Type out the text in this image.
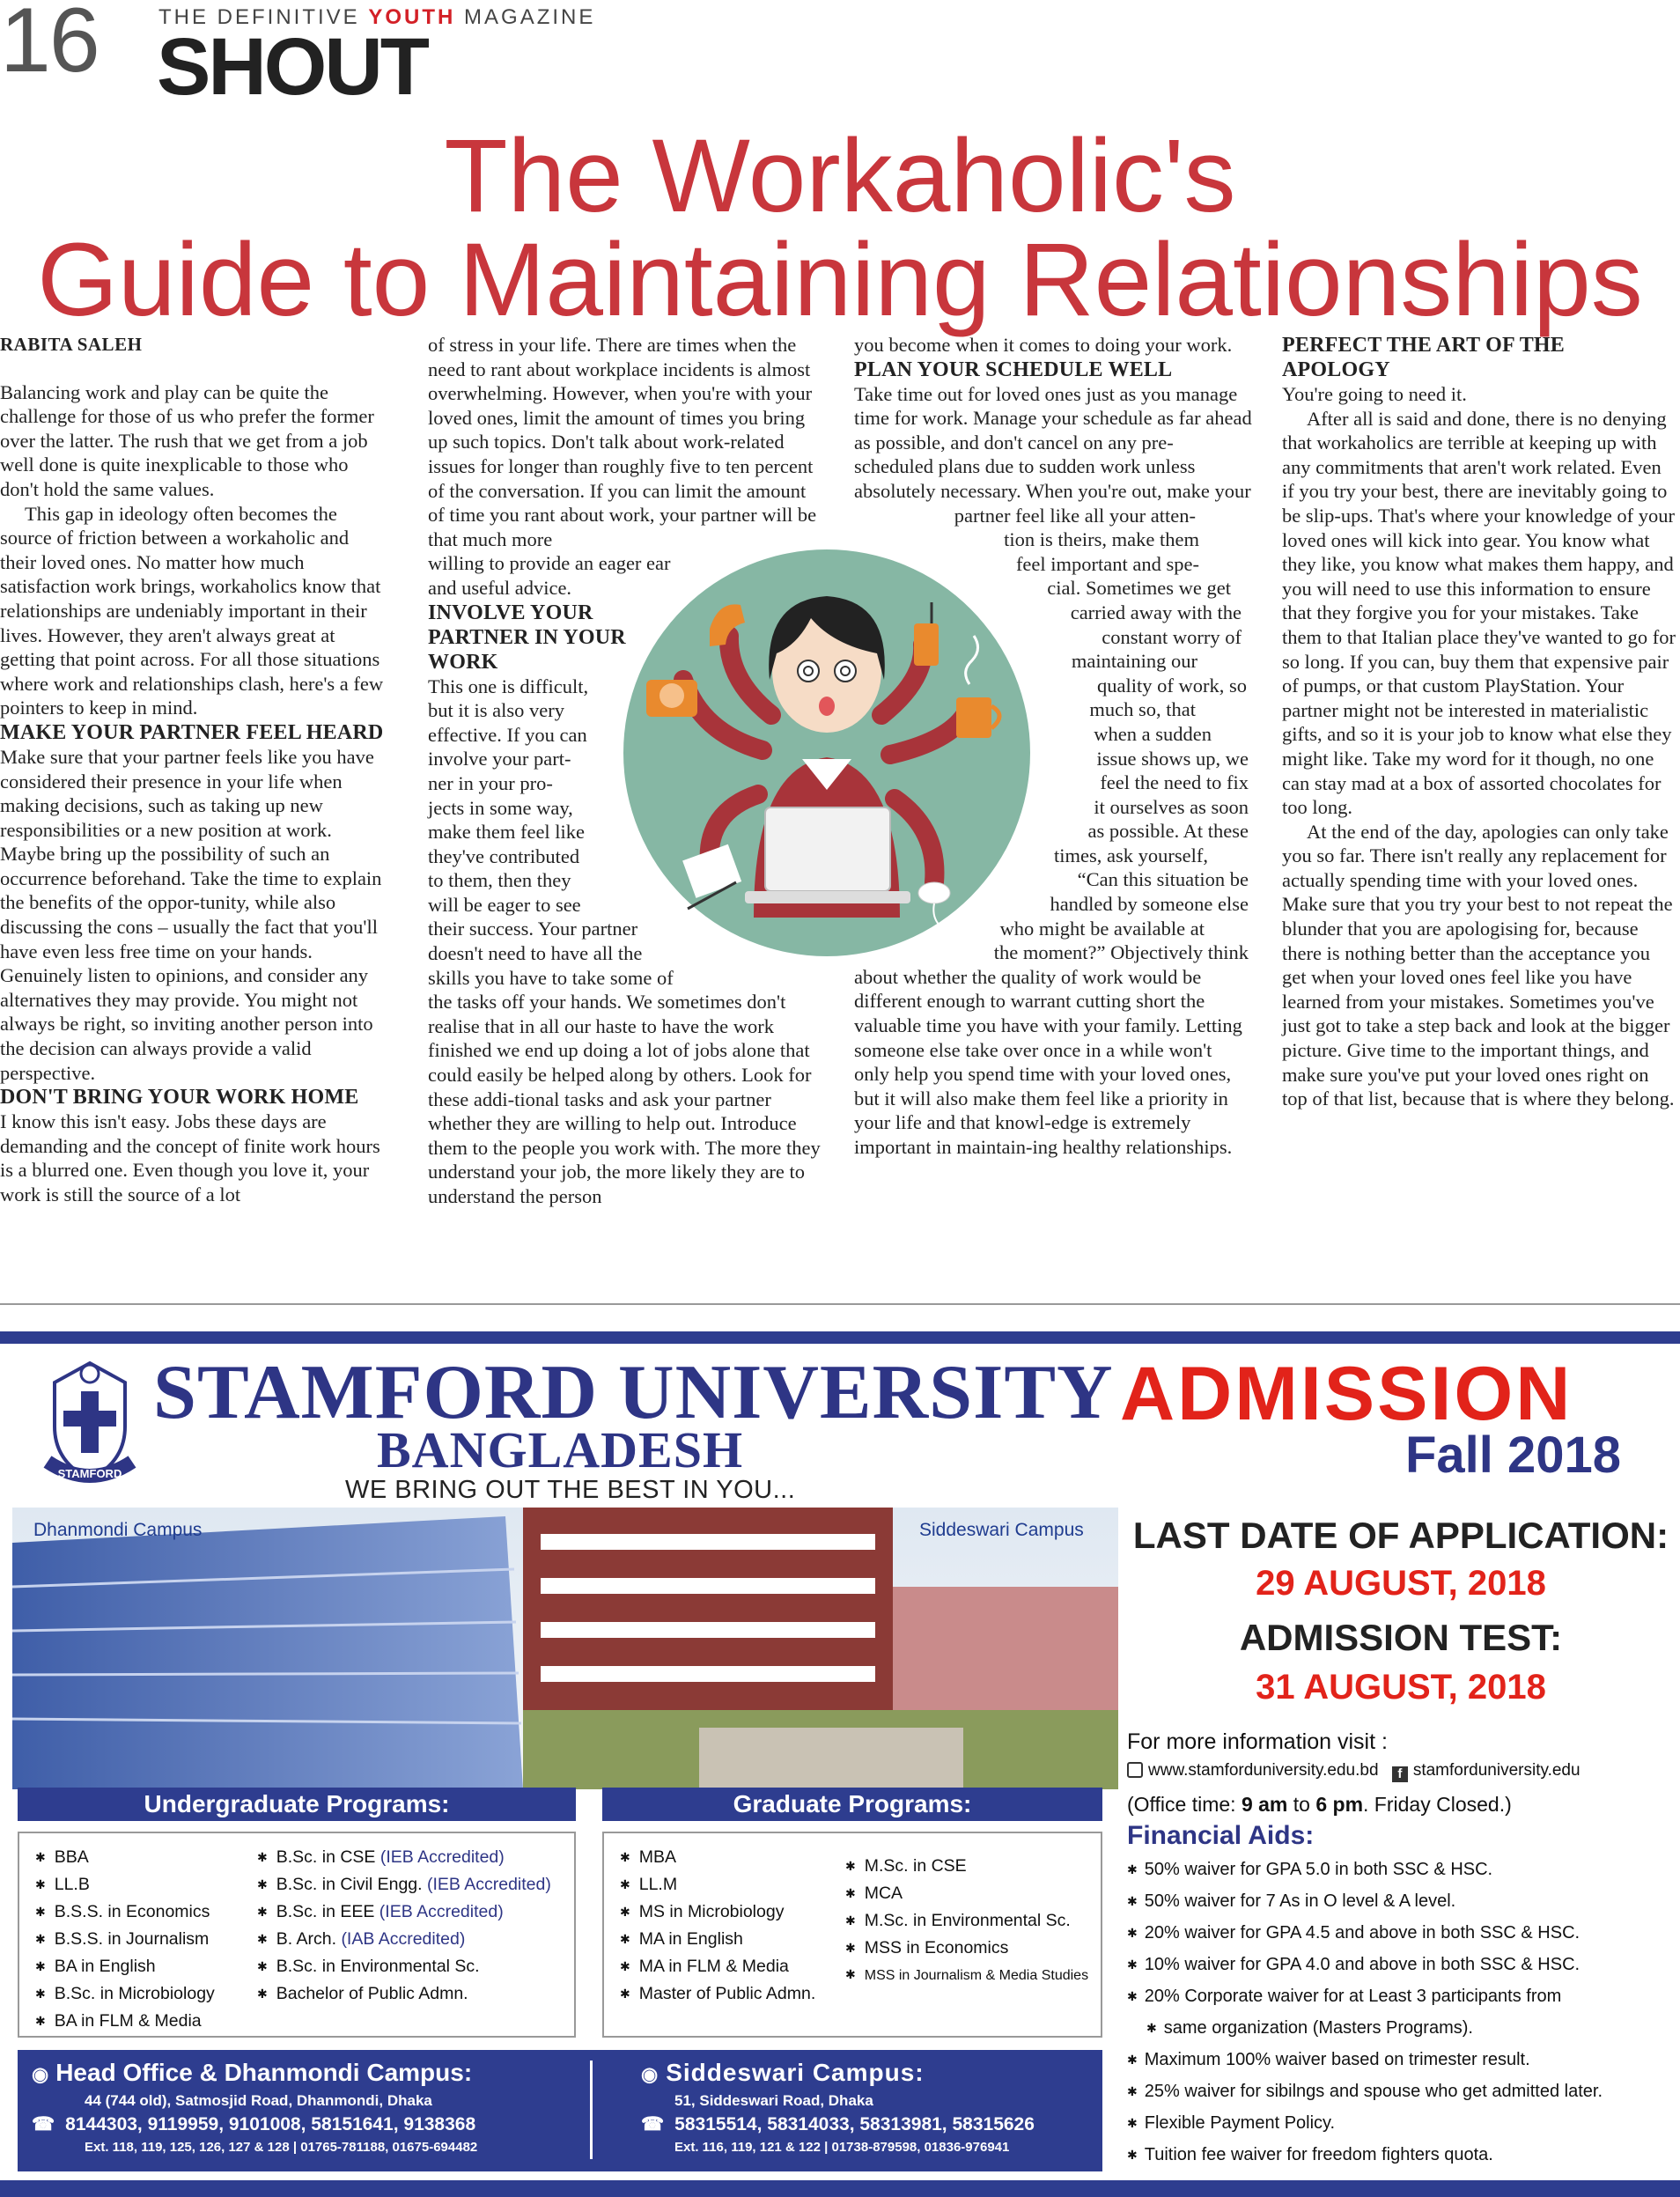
16	THE DEFINITIVE YOUTH MAGAZINE
SHOUT
The Workaholic's
Guide to Maintaining Relationships
RABITA SALEH

Balancing work and play can be quite the challenge for those of us who prefer the former over the latter. The rush that we get from a job well done is quite inexplicable to those who don't hold the same values.

This gap in ideology often becomes the source of friction between a workaholic and their loved ones. No matter how much satisfaction work brings, workaholics know that relationships are undeniably important in their lives. However, they aren't always great at getting that point across. For all those situations where work and relationships clash, here's a few pointers to keep in mind.

MAKE YOUR PARTNER FEEL HEARD

Make sure that your partner feels like you have considered their presence in your life when making decisions, such as taking up new responsibilities or a new position at work. Maybe bring up the possibility of such an occurrence beforehand. Take the time to explain the benefits of the oppor-tunity, while also discussing the cons – usually the fact that you'll have even less free time on your hands. Genuinely listen to opinions, and consider any alternatives they may provide. You might not always be right, so inviting another person into the decision can always provide a valid perspective.

DON'T BRING YOUR WORK HOME

I know this isn't easy. Jobs these days are demanding and the concept of finite work hours is a blurred one. Even though you love it, your work is still the source of a lot

of stress in your life. There are times when the need to rant about workplace incidents is almost overwhelming. However, when you're with your loved ones, limit the amount of times you bring up such topics. Don't talk about work-related issues for longer than roughly five to ten percent of the conversation. If you can limit the amount of time you rant about work, your partner will be that much more

willing to provide an eager ear
and useful advice.
INVOLVE YOUR
PARTNER IN YOUR
WORK
This one is difficult,
but it is also very
effective. If you can
involve your part-
ner in your pro-
jects in some way,
make them feel like
they've contributed
to them, then they
will be eager to see
their success. Your partner
doesn't need to have all the
skills you have to take some of

the tasks off your hands. We sometimes don't realise that in all our haste to have the work finished we end up doing a lot of jobs alone that could easily be helped along by others. Look for these addi-tional tasks and ask your partner whether they are willing to help out. Introduce them to the people you work with. The more they understand your job, the more likely they are to understand the person

you become when it comes to doing your work.

PLAN YOUR SCHEDULE WELL

Take time out for loved ones just as you manage time for work. Manage your schedule as far ahead as possible, and don't cancel on any pre-scheduled plans due to sudden work unless absolutely necessary. When you're out, make your

partner feel like all your atten-
tion is theirs, make them
feel important and spe-
cial. Sometimes we get
carried away with the
constant worry of
maintaining our
quality of work, so
much so, that
when a sudden
issue shows up, we
feel the need to fix
it ourselves as soon
as possible. At these
times, ask yourself,
“Can this situation be
handled by someone else
who might be available at
the moment?” Objectively think

about whether the quality of work would be different enough to warrant cutting short the valuable time you have with your family. Letting someone else take over once in a while won't only help you spend time with your loved ones, but it will also make them feel like a priority in your life and that knowl-edge is extremely important in maintain-ing healthy relationships.

PERFECT THE ART OF THE
APOLOGY

You're going to need it.

After all is said and done, there is no denying that workaholics are terrible at keeping up with any commitments that aren't work related. Even if you try your best, there are inevitably going to be slip-ups. That's where your knowledge of your loved ones will kick into gear. You know what they like, you know what makes them happy, and you will need to use this information to ensure that they forgive you for your mistakes. Take them to that Italian place they've wanted to go for so long. If you can, buy them that expensive pair of pumps, or that custom PlayStation. Your partner might not be interested in materialistic gifts, and so it is your job to know what else they might like. Take my word for it though, no one can stay mad at a box of assorted chocolates for too long.

At the end of the day, apologies can only take you so far. There isn't really any replacement for actually spending time with your loved ones. Make sure that you try your best to not repeat the blunder that you are apologising for, because there is nothing better than the acceptance you get when your loved ones feel like you have learned from your mistakes. Sometimes you've just got to take a step back and look at the bigger picture. Give time to the important things, and make sure you've put your loved ones right on top of that list, because that is where they belong.

STAMFORD
STAMFORD UNIVERSITY
BANGLADESH
WE BRING OUT THE BEST IN YOU...
ADMISSION
Fall 2018
Dhanmondi Campus	Siddeswari Campus LAST DATE OF APPLICATION:
29 AUGUST, 2018
ADMISSION TEST:
31 AUGUST, 2018
For more information visit :
www.stamforduniversity.edu.bd f stamforduniversity.edu
(Office time: 9 am to 6 pm. Friday Closed.)
Financial Aids:
✱ 50% waiver for GPA 5.0 in both SSC & HSC.
✱ 50% waiver for 7 As in O level & A level.
✱ 20% waiver for GPA 4.5 and above in both SSC & HSC.
✱ 10% waiver for GPA 4.0 and above in both SSC & HSC.
✱ 20% Corporate waiver for at Least 3 participants from
✱ same organization (Masters Programs).
✱ Maximum 100% waiver based on trimester result.
✱ 25% waiver for sibilngs and spouse who get admitted later.
✱ Flexible Payment Policy.
✱ Tuition fee waiver for freedom fighters quota.
Undergraduate Programs:
✱ BBA
✱ LL.B
✱ B.S.S. in Economics
✱ B.S.S. in Journalism
✱ BA in English
✱ B.Sc. in Microbiology
✱ BA in FLM & Media
✱ B.Sc. in CSE (IEB Accredited)
✱ B.Sc. in Civil Engg. (IEB Accredited)
✱ B.Sc. in EEE (IEB Accredited)
✱ B. Arch. (IAB Accredited)
✱ B.Sc. in Environmental Sc.
✱ Bachelor of Public Admn.
Graduate Programs:
✱ MBA
✱ LL.M
✱ MS in Microbiology
✱ MA in English
✱ MA in FLM & Media
✱ Master of Public Admn.
✱ M.Sc. in CSE
✱ MCA
✱ M.Sc. in Environmental Sc.
✱ MSS in Economics
✱ MSS in Journalism & Media Studies
◉ Head Office & Dhanmondi Campus:
44 (744 old), Satmosjid Road, Dhanmondi, Dhaka
☎ 8144303, 9119959, 9101008, 58151641, 9138368
Ext. 118, 119, 125, 126, 127 & 128 | 01765-781188, 01675-694482
◉ Siddeswari Campus:
51, Siddeswari Road, Dhaka
☎ 58315514, 58314033, 58313981, 58315626
Ext. 116, 119, 121 & 122 | 01738-879598, 01836-976941
